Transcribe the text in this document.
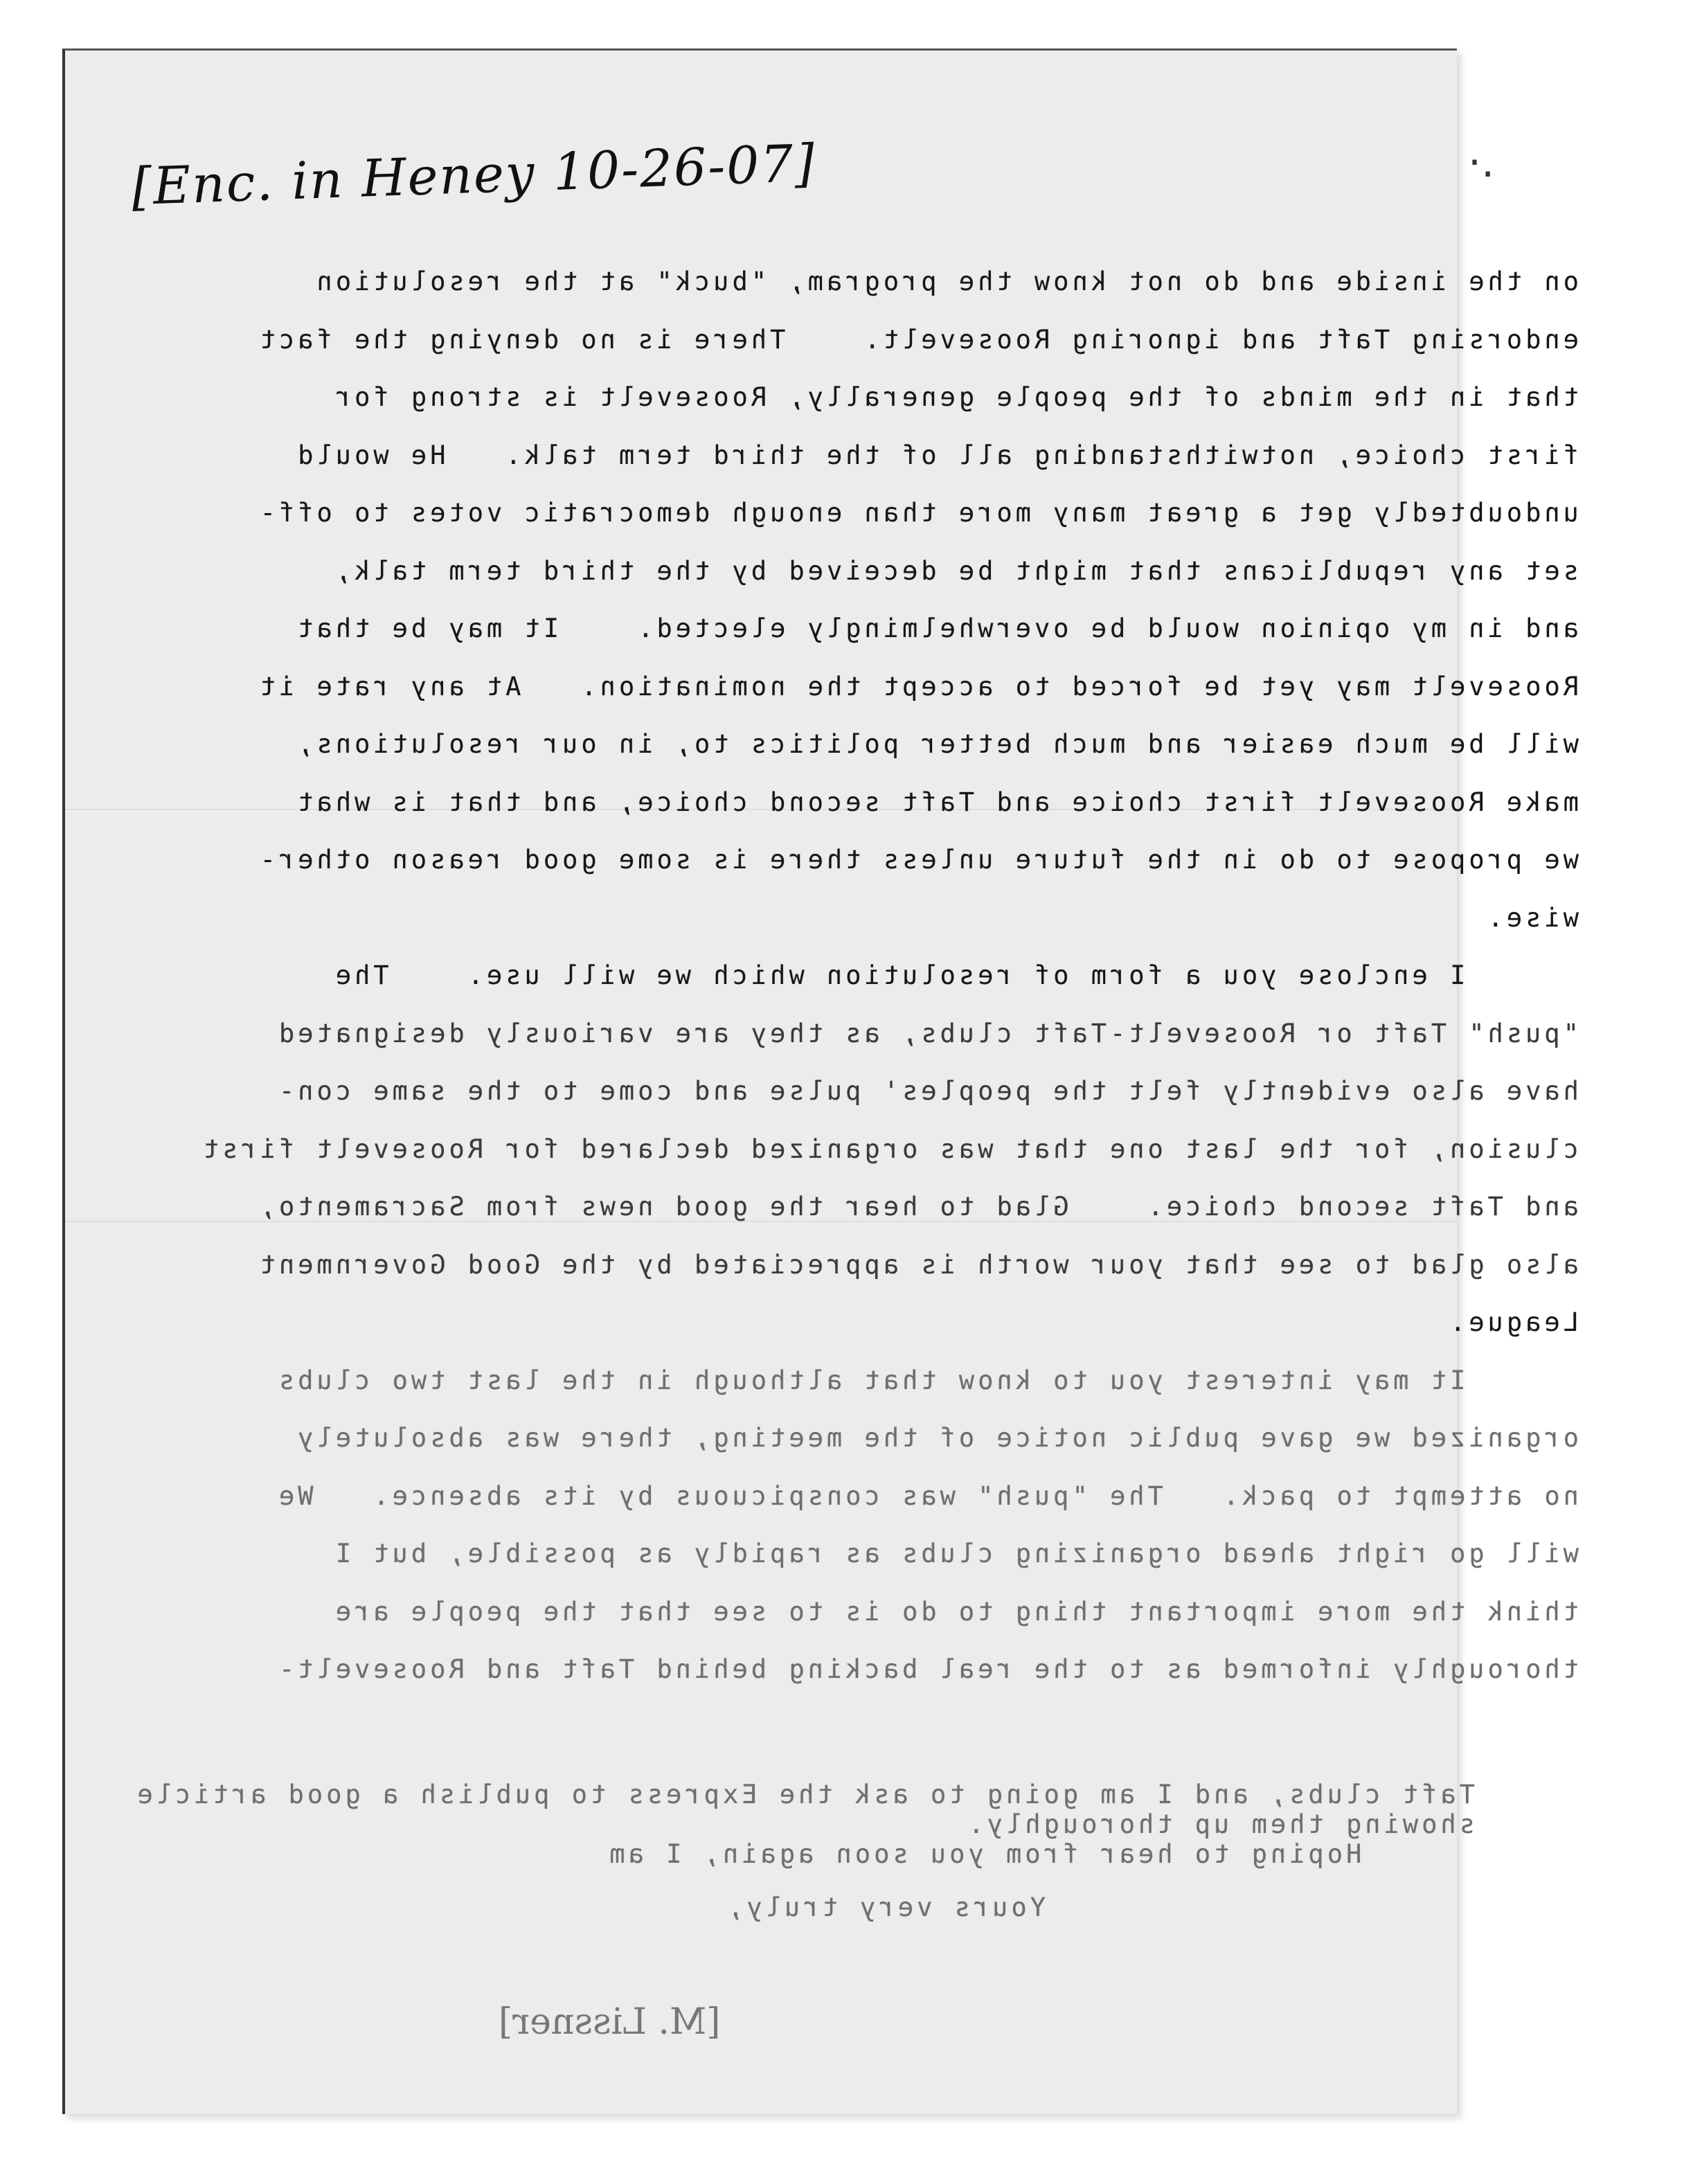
[Enc. in Heney 10-26-07]	·.
on the inside and do not know the program, "buck" at the resolution
endorsing Taft and ignoring Roosevelt.    There is no denying the fact
that in the minds of the people generally, Roosevelt is strong for
first choice, notwithstanding all of the third term talk.   He would
undoubtedly get a great many more than enough democratic votes to off-
set any republicans that might be deceived by the third term talk,
and in my opinion would be overwhelmingly elected.    It may be that
Roosevelt may yet be forced to accept the nomination.   At any rate it
will be much easier and much better politics to, in our resolutions,
make Roosevelt first choice and Taft second choice, and that is what
we propose to do in the future unless there is some good reason other-
wise.
I enclose you a form of resolution which we will use.    The
"push" Taft or Roosevelt-Taft clubs, as they are variously designated
have also evidently felt the peoples' pulse and come to the same con-
clusion, for the last one that was organized declared for Roosevelt first
and Taft second choice.    Glad to hear the good news from Sacramento,
also glad to see that your worth is appreciated by the Good Government
League.
It may interest you to know that although in the last two clubs
organized we gave public notice of the meeting, there was absolutely
no attempt to pack.   The "push" was conspicuous by its absence.   We
will go right ahead organizing clubs as rapidly as possible, but I
think the more important thing to do is to see that the people are
thoroughly informed as to the real backing behind Taft and Roosevelt-
Taft clubs, and I am going to ask the Express to publish a good article
showing them up thoroughly.
Hoping to hear from you soon again, I am
Yours very truly,
[M. Lissner]
